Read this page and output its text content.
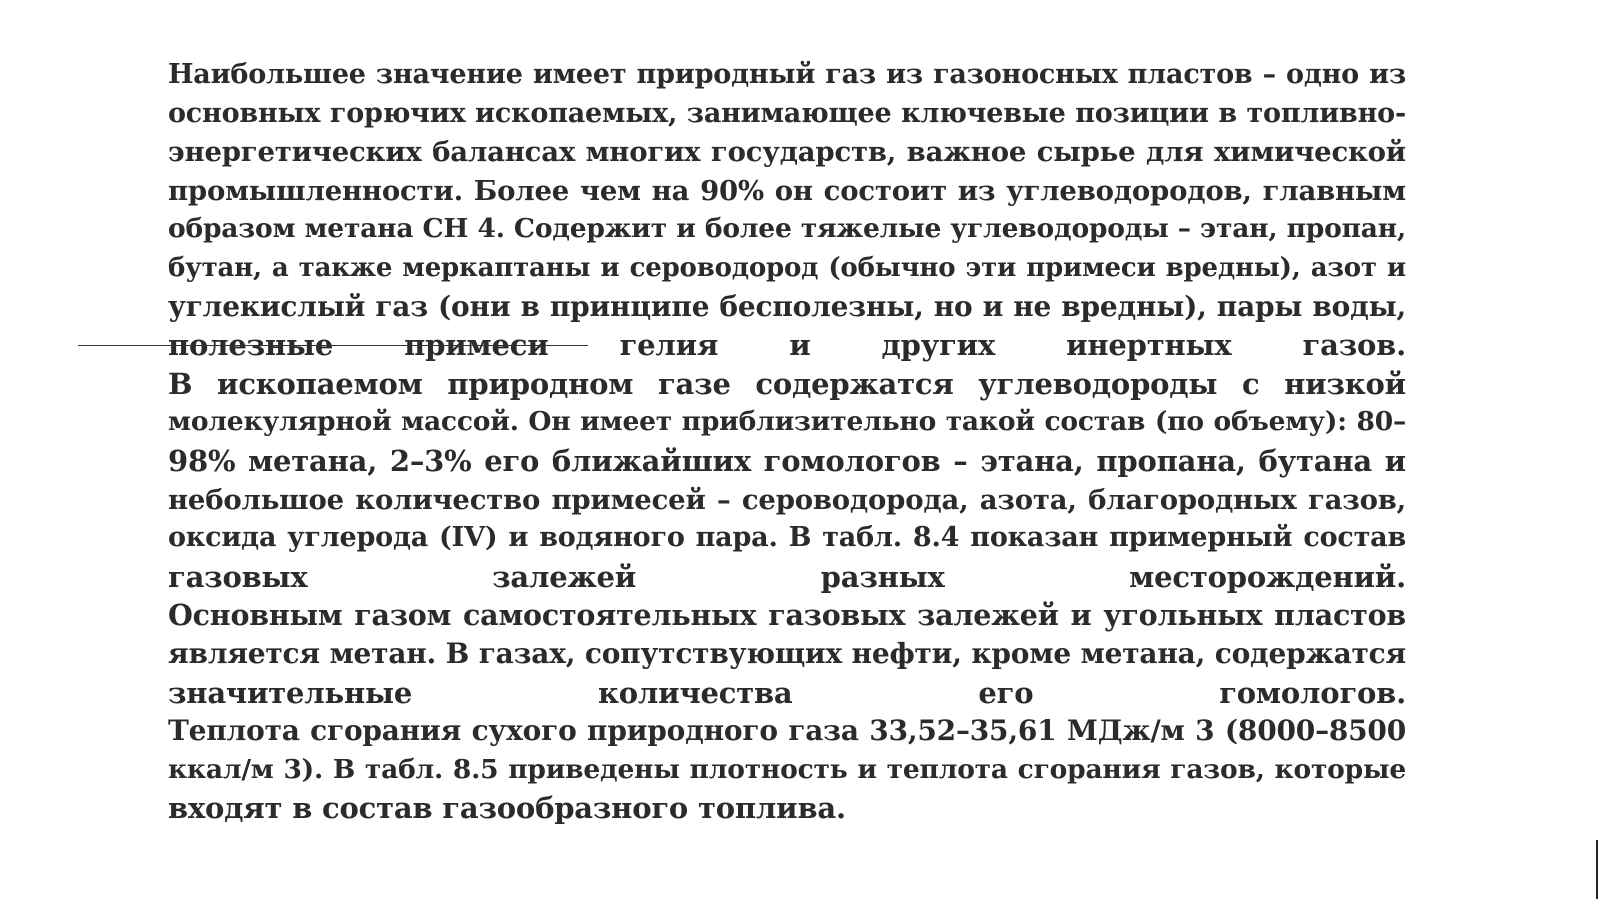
Наибольшее значение имеет природный газ из газоносных пластов – одно из
основных горючих ископаемых, занимающее ключевые позиции в топливно-
энергетических балансах многих государств, важное сырье для химической
промышленности. Более чем на 90% он состоит из углеводородов, главным
образом метана CH 4. Содержит и более тяжелые углеводороды – этан, пропан,
бутан, а также меркаптаны и сероводород (обычно эти примеси вредны), азот и
углекислый газ (они в принципе бесполезны, но и не вредны), пары воды,
полезные примеси гелия и других инертных газов.
В ископаемом природном газе содержатся углеводороды с низкой
молекулярной массой. Он имеет приблизительно такой состав (по объему): 80–
98% метана, 2–3% его ближайших гомологов – этана, пропана, бутана и
небольшое количество примесей – сероводорода, азота, благородных газов,
оксида углерода (IV) и водяного пара. В табл. 8.4 показан примерный состав
газовых залежей разных месторождений.
Основным газом самостоятельных газовых залежей и угольных пластов
является метан. В газах, сопутствующих нефти, кроме метана, содержатся
значительные количества его гомологов.
Теплота сгорания сухого природного газа 33,52–35,61 МДж/м 3 (8000–8500
ккал/м 3). В табл. 8.5 приведены плотность и теплота сгорания газов, которые
входят в состав газообразного топлива.
